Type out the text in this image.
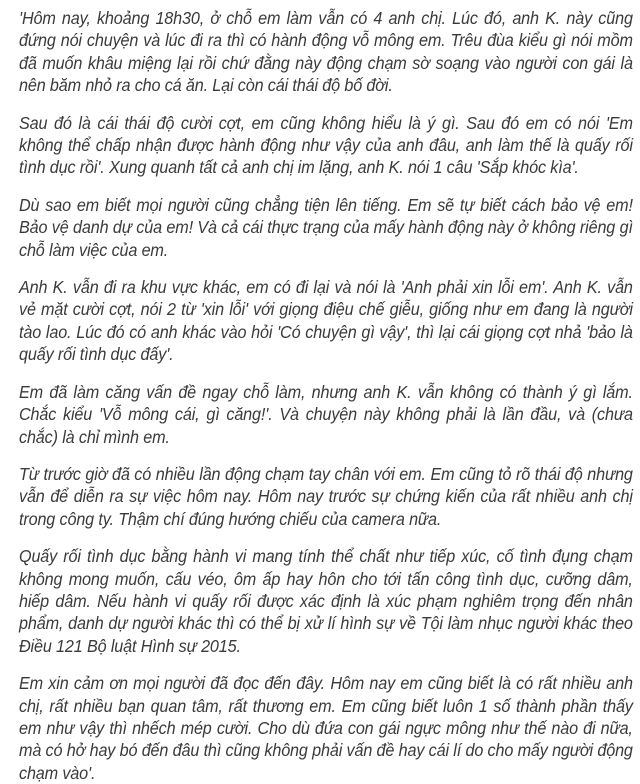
'Hôm nay, khoảng 18h30, ở chỗ em làm vẫn có 4 anh chị. Lúc đó, anh K. này cũng đứng nói chuyện và lúc đi ra thì có hành động vỗ mông em. Trêu đùa kiểu gì nói mồm đã muốn khâu miệng lại rồi chứ đằng này động chạm sờ soạng vào người con gái là nên băm nhỏ ra cho cá ăn. Lại còn cái thái độ bố đời.

Sau đó là cái thái độ cười cợt, em cũng không hiểu là ý gì. Sau đó em có nói 'Em không thể chấp nhận được hành động như vậy của anh đâu, anh làm thế là quấy rối tình dục rồi'. Xung quanh tất cả anh chị im lặng, anh K. nói 1 câu 'Sắp khóc kìa'.

Dù sao em biết mọi người cũng chẳng tiện lên tiếng. Em sẽ tự biết cách bảo vệ em! Bảo vệ danh dự của em! Và cả cái thực trạng của mấy hành động này ở không riêng gì chỗ làm việc của em.

Anh K. vẫn đi ra khu vực khác, em có đi lại và nói là 'Anh phải xin lỗi em'. Anh K. vẫn vẻ mặt cười cợt, nói 2 từ 'xin lỗi' với giọng điệu chế giễu, giống như em đang là người tào lao. Lúc đó có anh khác vào hỏi 'Có chuyện gì vậy', thì lại cái giọng cợt nhả 'bảo là quấy rối tình dục đấy'.

Em đã làm căng vấn đề ngay chỗ làm, nhưng anh K. vẫn không có thành ý gì lắm. Chắc kiểu 'Vỗ mông cái, gì căng!'. Và chuyện này không phải là lần đầu, và (chưa chắc) là chỉ mình em.

Từ trước giờ đã có nhiều lần động chạm tay chân với em. Em cũng tỏ rõ thái độ nhưng vẫn để diễn ra sự việc hôm nay. Hôm nay trước sự chứng kiến của rất nhiều anh chị trong công ty. Thậm chí đúng hướng chiếu của camera nữa.

Quấy rối tình dục bằng hành vi mang tính thể chất như tiếp xúc, cố tình đụng chạm không mong muốn, cấu véo, ôm ấp hay hôn cho tới tấn công tình dục, cưỡng dâm, hiếp dâm. Nếu hành vi quấy rối được xác định là xúc phạm nghiêm trọng đến nhân phẩm, danh dự người khác thì có thể bị xử lí hình sự về Tội làm nhục người khác theo Điều 121 Bộ luật Hình sự 2015.

Em xin cảm ơn mọi người đã đọc đến đây. Hôm nay em cũng biết là có rất nhiều anh chị, rất nhiều bạn quan tâm, rất thương em. Em cũng biết luôn 1 số thành phần thấy em như vậy thì nhếch mép cười. Cho dù đứa con gái ngực mông như thế nào đi nữa, mà có hở hay bó đến đâu thì cũng không phải vấn đề hay cái lí do cho mấy người động chạm vào'.
